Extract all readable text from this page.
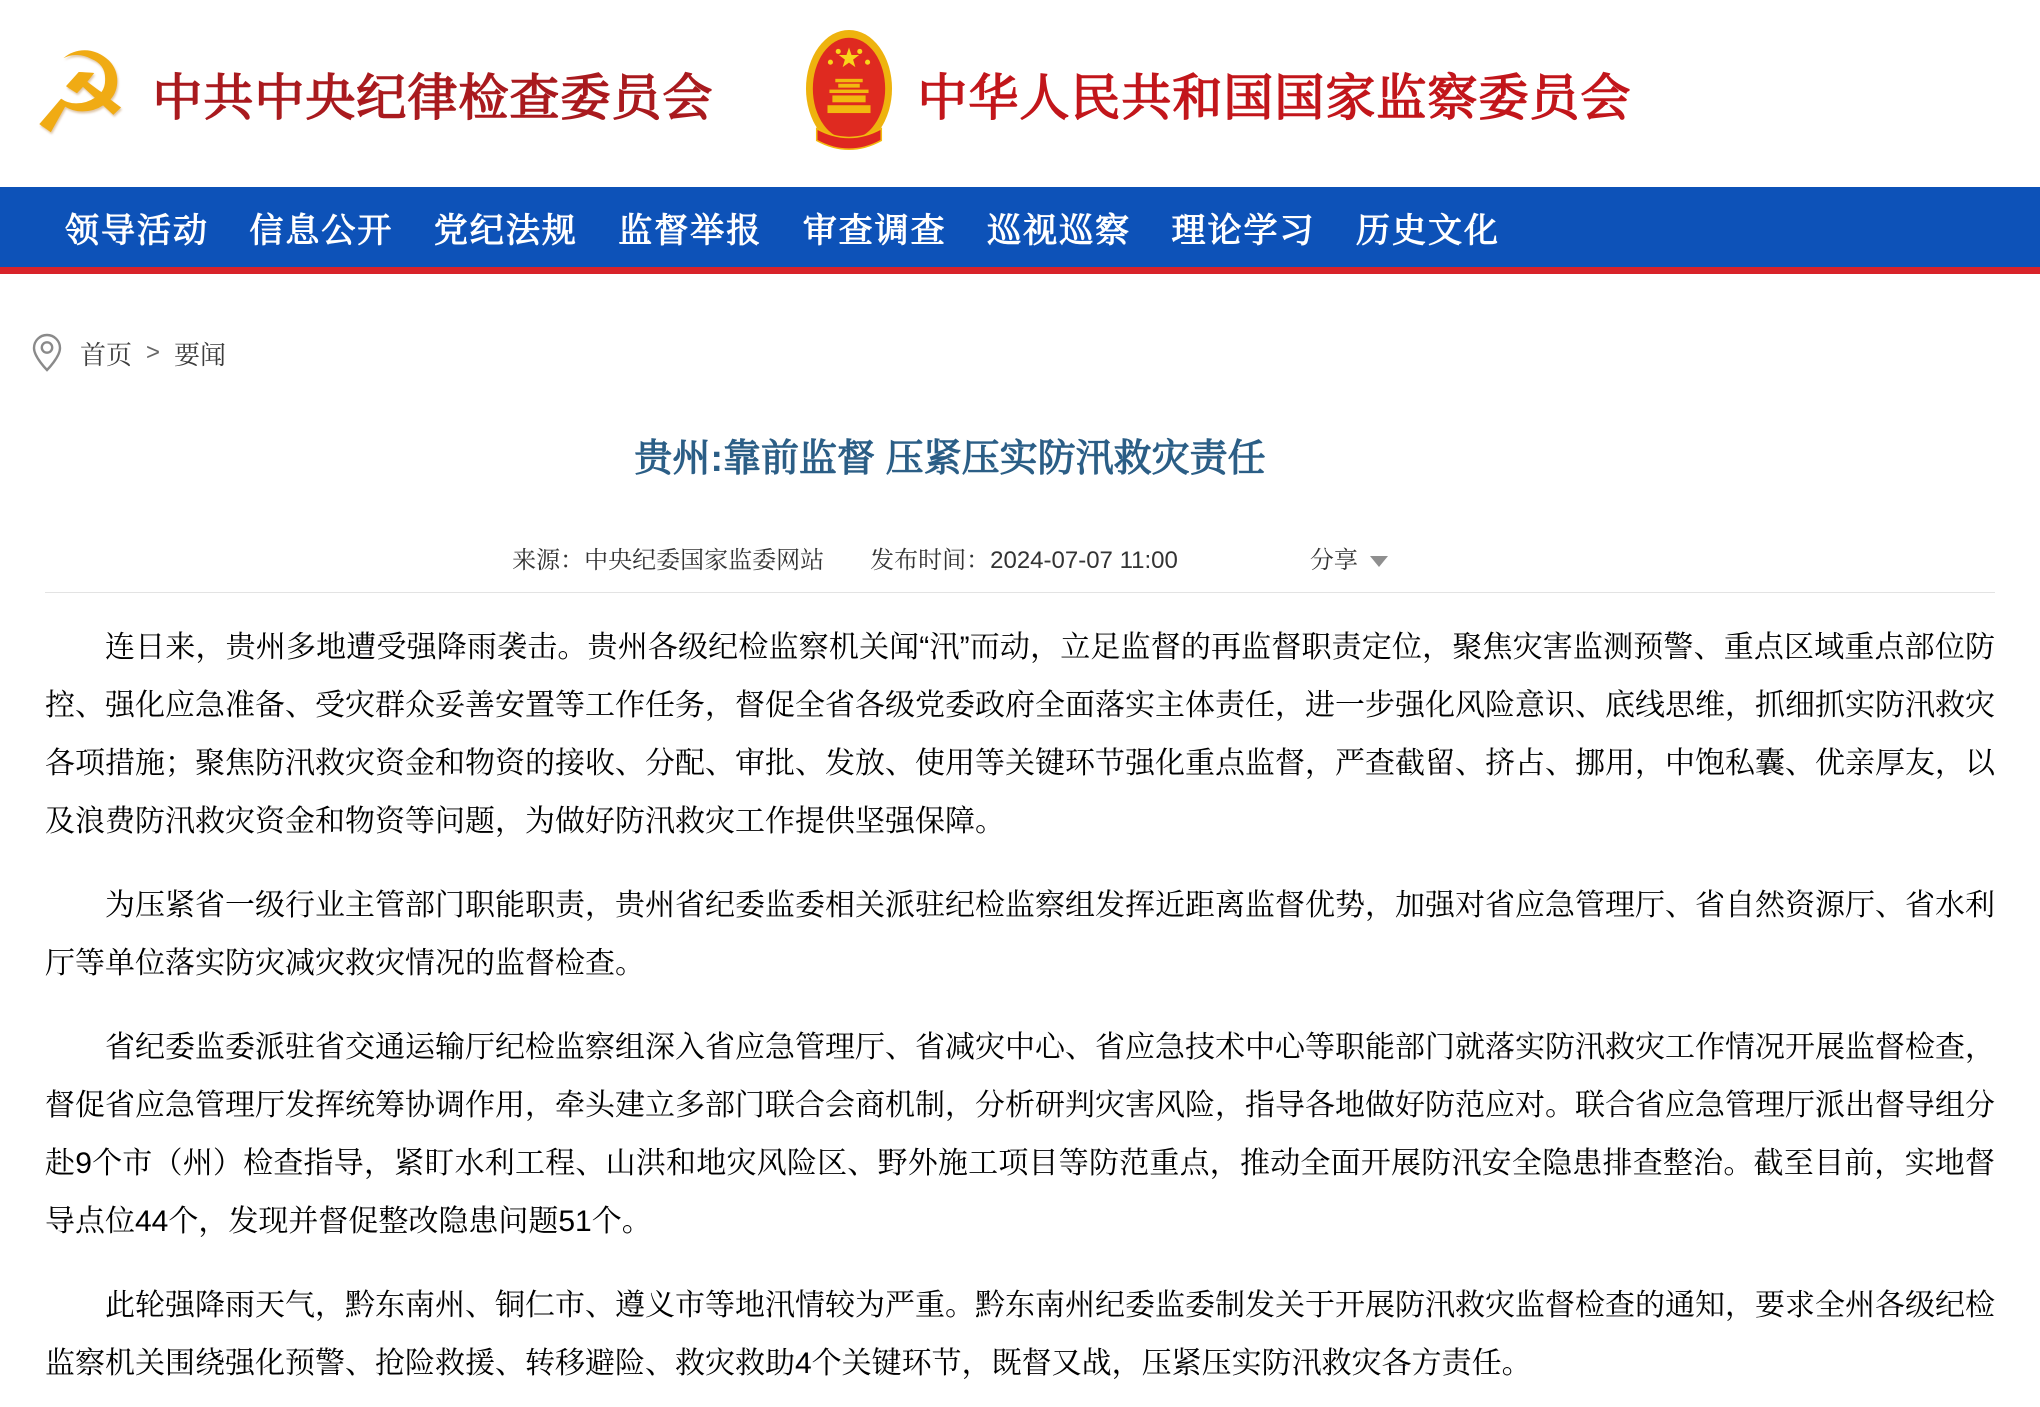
☭ 中共中央纪律检查委员会	中华人民共和国国家监察委员会
领导活动 信息公开 党纪法规 监督举报 审查调查 巡视巡察 理论学习 历史文化
首页 > 要闻
贵州:靠前监督 压紧压实防汛救灾责任
来源： 中央纪委国家监委网站 发布时间： 2024-07-07 11:00	分享

连日来，贵州多地遭受强降雨袭击。贵州各级纪检监察机关闻“汛”而动，立足监督的再监督职责定位，聚焦灾害监测预警、重点区域重点部位防控、强化应急准备、受灾群众妥善安置等工作任务，督促全省各级党委政府全面落实主体责任，进一步强化风险意识、底线思维，抓细抓实防汛救灾各项措施；聚焦防汛救灾资金和物资的接收、分配、审批、发放、使用等关键环节强化重点监督，严查截留、挤占、挪用，中饱私囊、优亲厚友，以及浪费防汛救灾资金和物资等问题，为做好防汛救灾工作提供坚强保障。

为压紧省一级行业主管部门职能职责，贵州省纪委监委相关派驻纪检监察组发挥近距离监督优势，加强对省应急管理厅、省自然资源厅、省水利厅等单位落实防灾减灾救灾情况的监督检查。

省纪委监委派驻省交通运输厅纪检监察组深入省应急管理厅、省减灾中心、省应急技术中心等职能部门就落实防汛救灾工作情况开展监督检查，督促省应急管理厅发挥统筹协调作用，牵头建立多部门联合会商机制，分析研判灾害风险，指导各地做好防范应对。联合省应急管理厅派出督导组分赴9个市（州）检查指导，紧盯水利工程、山洪和地灾风险区、野外施工项目等防范重点，推动全面开展防汛安全隐患排查整治。截至目前，实地督导点位44个，发现并督促整改隐患问题51个。

此轮强降雨天气，黔东南州、铜仁市、遵义市等地汛情较为严重。黔东南州纪委监委制发关于开展防汛救灾监督检查的通知，要求全州各级纪检监察机关围绕强化预警、抢险救援、转移避险、救灾救助4个关键环节，既督又战，压紧压实防汛救灾各方责任。
